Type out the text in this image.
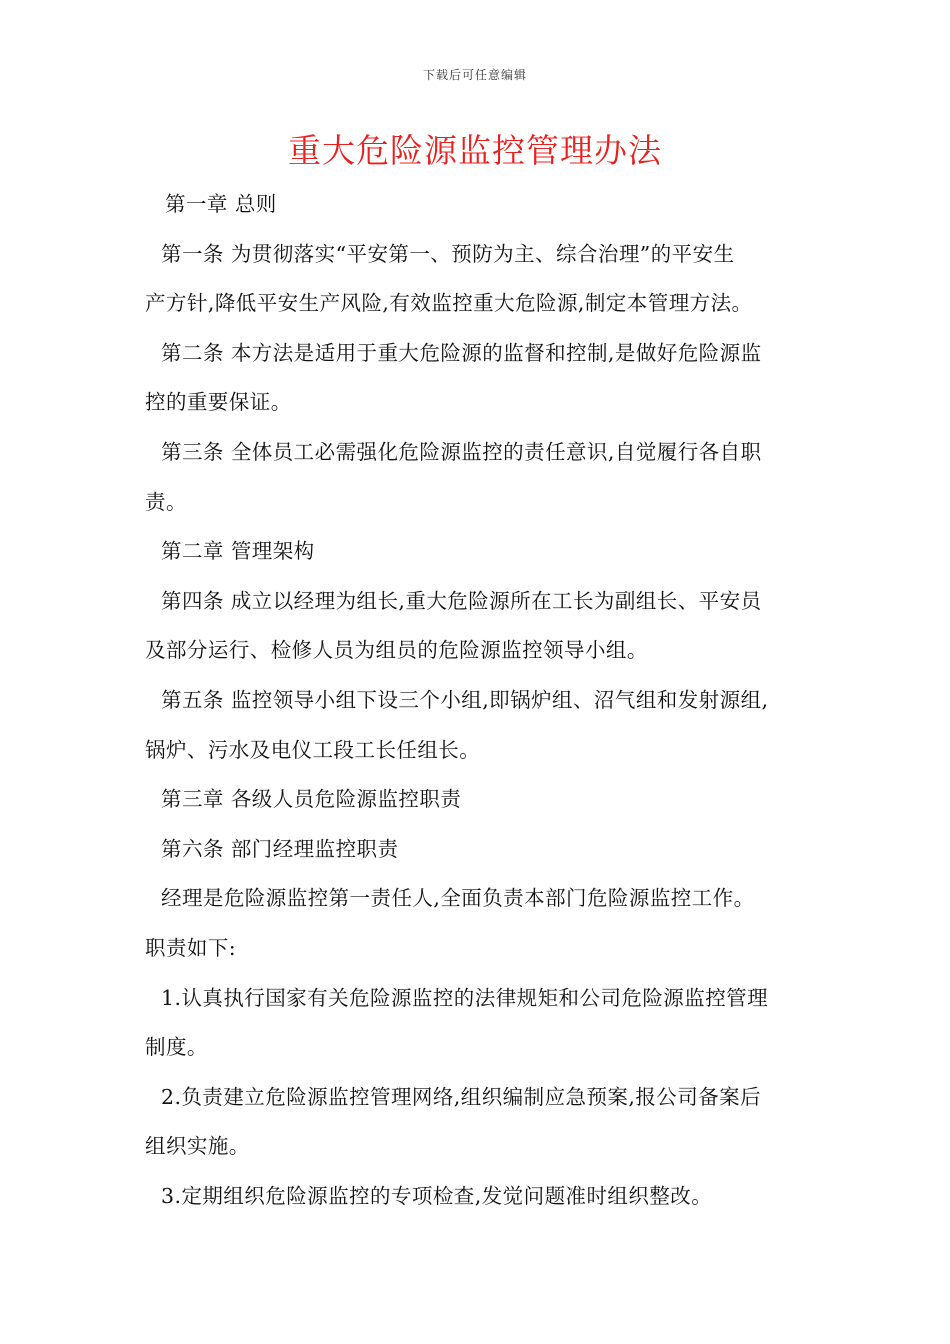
下载后可任意编辑
重大危险源监控管理办法
第一章 总则
第一条 为贯彻落实“平安第一、预防为主、综合治理”的平安生
产方针,降低平安生产风险,有效监控重大危险源,制定本管理方法。
第二条 本方法是适用于重大危险源的监督和控制,是做好危险源监
控的重要保证。
第三条 全体员工必需强化危险源监控的责任意识,自觉履行各自职
责。
第二章 管理架构
第四条 成立以经理为组长,重大危险源所在工长为副组长、平安员
及部分运行、检修人员为组员的危险源监控领导小组。
第五条 监控领导小组下设三个小组,即锅炉组、沼气组和发射源组,
锅炉、污水及电仪工段工长任组长。
第三章 各级人员危险源监控职责
第六条 部门经理监控职责
经理是危险源监控第一责任人,全面负责本部门危险源监控工作。
职责如下:
1.认真执行国家有关危险源监控的法律规矩和公司危险源监控管理
制度。
2.负责建立危险源监控管理网络,组织编制应急预案,报公司备案后
组织实施。
3.定期组织危险源监控的专项检查,发觉问题准时组织整改。
